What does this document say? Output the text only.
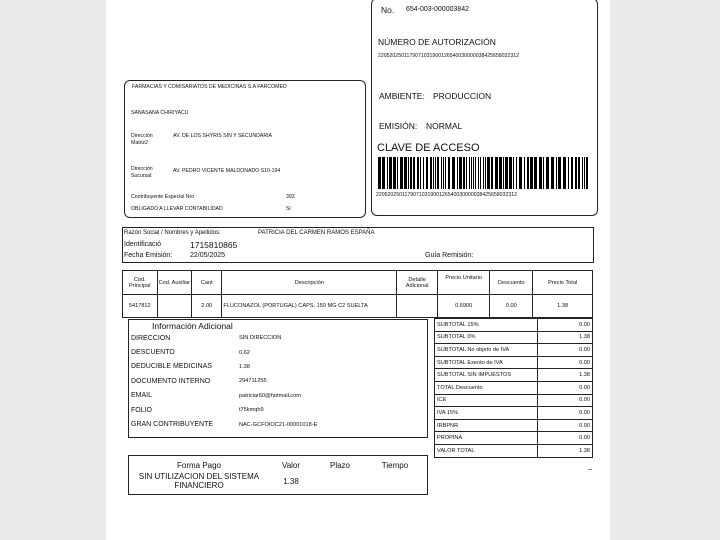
No. 654-003-000003842
NÚMERO DE AUTORIZACIÓN
2205202501179071031900126540030000038425658032312
AMBIENTE: PRODUCCION
EMISIÓN: NORMAL
CLAVE DE ACCESO
2205202501179071031900126540030000038425658032312
FARMACIAS Y COMISARIATOS DE MEDICINAS S.A FARCOMED
SANASANA CHIRIYACU
Dirección Matriz2
AV. DE LOS SHYRIS SIN Y SECUNDARIA
Dirección Sucursal:
AV. PEDRO VICENTE MALDONADO S10-194
Contribuyente Especial Nro	393
OBLIGADO A LLEVAR CONTABILIDAD	Si
Razón Social / Nombres y Apellidos:	PATRICIA DEL CARMEN RAMOS ESPAÑA
Identificació	1715810865
Fecha Emisión:	22/05/2025	Guía Remisión:
Cod. Principal	Cod. Auxiliar	Cant	Descripción	Detalle Adicional	Precio Unitario	Descuento	Precio Total
5417812		2.00	FLUCONAZOL (PORTUGAL) CAPS. 150 MG C2 SUELTA		0.6900	0.00	1.38
Información Adicional
DIRECCION	SIN DIRECCION
DESCUENTO	0.62
DEDUCIBLE MEDICINAS	1.38
DOCUMENTO INTERNO	294711255
EMAIL	patriciar60@hotmail.com
FOLIO	t75kmqh9
GRAN CONTRIBUYENTE	NAC-GCFOIOC21-00001018-E
SUBTOTAL 15%	0.00
SUBTOTAL 0%	1.38
SUBTOTAL No objeto de IVA	0.00
SUBTOTAL Exento de IVA	0.00
SUBTOTAL SIN IMPUESTOS	1.38
TOTAL Descuento	0.00
ICE	0.00
IVA 15%	0.00
IRBPNR	0.00
PROPINA	0.00
VALOR TOTAL	1.38
Forma Pago	Valor	Plazo	Tiempo
SIN UTILIZACION DEL SISTEMA FINANCIERO	1.38		
–
